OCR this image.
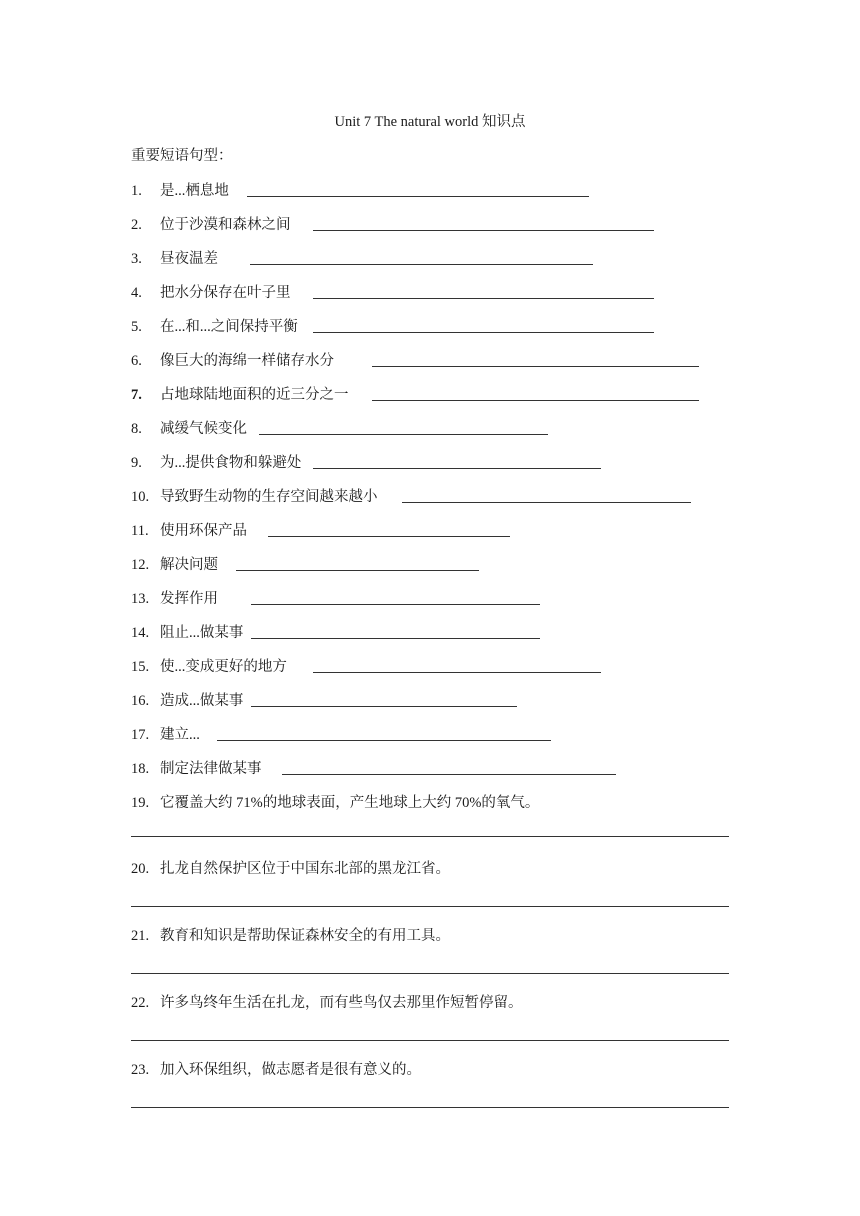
Unit 7 The natural world 知识点
重要短语句型：
1.	是...栖息地
2.	位于沙漠和森林之间
3.	昼夜温差
4.	把水分保存在叶子里
5.	在...和...之间保持平衡
6.	像巨大的海绵一样储存水分
7.	占地球陆地面积的近三分之一
8.	减缓气候变化
9.	为...提供食物和躲避处
10. 导致野生动物的生存空间越来越小
11. 使用环保产品
12. 解决问题
13. 发挥作用
14. 阻止...做某事
15. 使...变成更好的地方
16. 造成...做某事
17. 建立...
18. 制定法律做某事
19. 它覆盖大约 71%的地球表面，产生地球上大约 70%的氧气。
20. 扎龙自然保护区位于中国东北部的黑龙江省。
21. 教育和知识是帮助保证森林安全的有用工具。
22. 许多鸟终年生活在扎龙，而有些鸟仅去那里作短暂停留。
23. 加入环保组织，做志愿者是很有意义的。
